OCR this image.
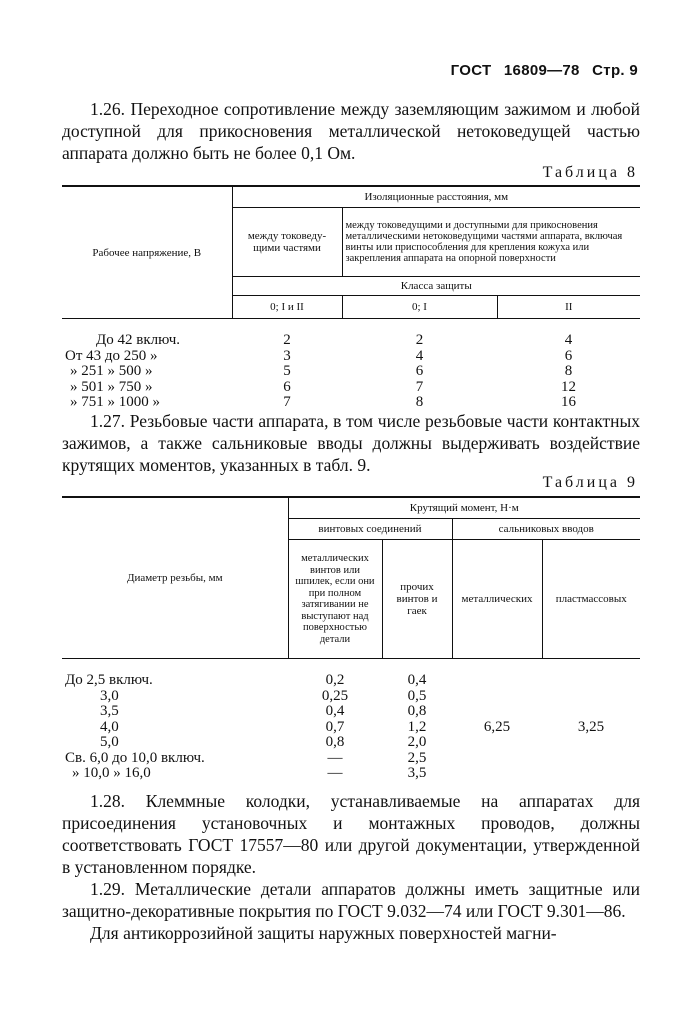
ГОСТ 16809—78 Стр. 9

1.26. Переходное сопротивление между заземляющим зажимом и любой доступной для прикосновения металлической нетоковедущей частью аппарата должно быть не более 0,1 Ом.

Таблица 8
Рабочее напряжение, В	Изоляционные расстояния, мм		
	между токоведу- щими частями	между токоведущими и доступными для прикосновения металлическими нетоковедущими частями аппарата, включая винты или приспособления для крепления кожуха или закрепления аппарата на опорной поверхности	
	Класса защиты		
	0; I и II	0; I	II

До 42 включ.	2	2	4
От 43 до 250 »	3	4	6
» 251 » 500 »	5	6	8
» 501 » 750 »	6	7	12
» 751 » 1000 »	7	8	16

1.27. Резьбовые части аппарата, в том числе резьбовые части контактных зажимов, а также сальниковые вводы должны выдерживать воздействие крутящих моментов, указанных в табл. 9.

Таблица 9
Диаметр резьбы, мм	Крутящий момент, Н·м			
	винтовых соединений		сальниковых вводов	
	металлических винтов или шпилек, если они при полном затягивании не выступают над поверхностью детали	прочих винтов и гаек	металлических	пластмассовых

До 2,5 включ.	0,2	0,4	6,25	3,25
3,0	0,25	0,5		
3,5	0,4	0,8		
4,0	0,7	1,2		
5,0	0,8	2,0		
Св. 6,0 до 10,0 включ.	—	2,5		
» 10,0 » 16,0	—	3,5		

1.28. Клеммные колодки, устанавливаемые на аппаратах для присоединения установочных и монтажных проводов, должны соответствовать ГОСТ 17557—80 или другой документации, утвержденной в установленном порядке.

1.29. Металлические детали аппаратов должны иметь защитные или защитно-декоративные покрытия по ГОСТ 9.032—74 или ГОСТ 9.301—86.

Для антикоррозийной защиты наружных поверхностей магни-
